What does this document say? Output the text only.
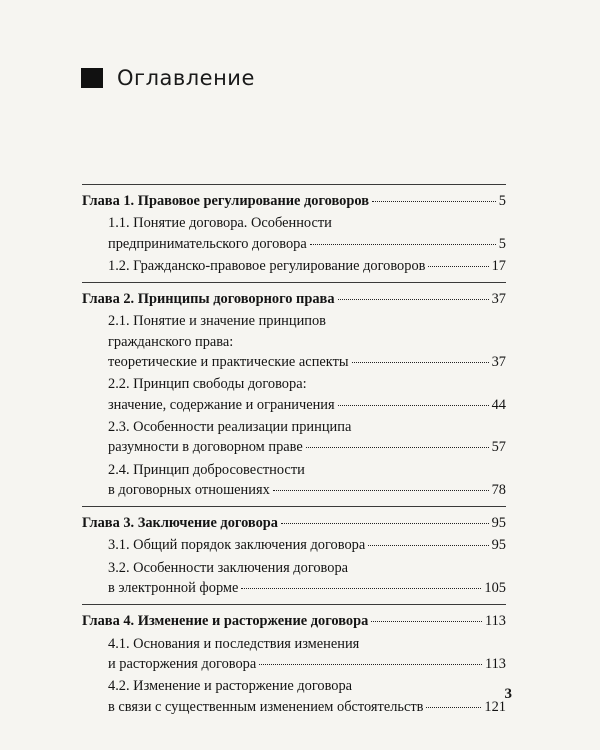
Оглавление
Глава 1. Правовое регулирование договоров	5
1.1. Понятие договора. Особенности
предпринимательского договора	5
1.2. Гражданско-правовое регулирование договоров	17
Глава 2. Принципы договорного права	37
2.1. Понятие и значение принципов
гражданского права:
теоретические и практические аспекты	37
2.2. Принцип свободы договора:
значение, содержание и ограничения	44
2.3. Особенности реализации принципа
разумности в договорном праве	57
2.4. Принцип добросовестности
в договорных отношениях	78
Глава 3. Заключение договора	95
3.1. Общий порядок заключения договора	95
3.2. Особенности заключения договора
в электронной форме	105
Глава 4. Изменение и расторжение договора	113
4.1. Основания и последствия изменения
и расторжения договора	113
4.2. Изменение и расторжение договора
в связи с существенным изменением обстоятельств	121
3
